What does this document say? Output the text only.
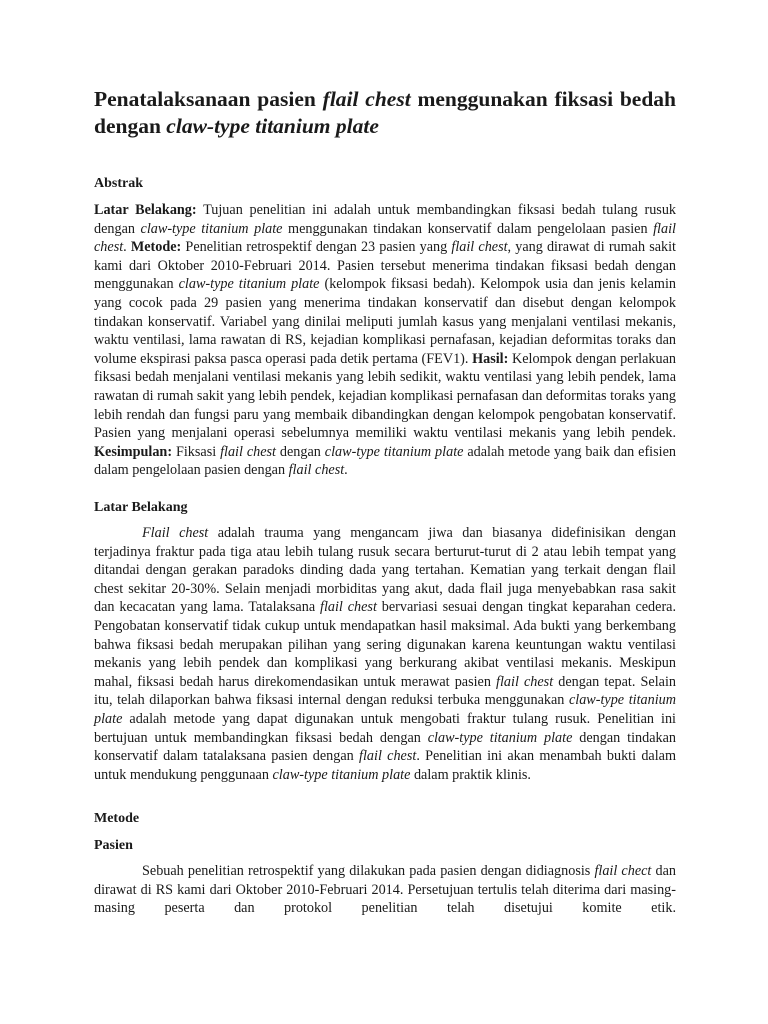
Penatalaksanaan pasien flail chest menggunakan fiksasi bedah dengan claw-type titanium plate
Abstrak

Latar Belakang: Tujuan penelitian ini adalah untuk membandingkan fiksasi bedah tulang rusuk dengan claw-type titanium plate menggunakan tindakan konservatif dalam pengelolaan pasien flail chest. Metode: Penelitian retrospektif dengan 23 pasien yang flail chest, yang dirawat di rumah sakit kami dari Oktober 2010-Februari 2014. Pasien tersebut menerima tindakan fiksasi bedah dengan menggunakan claw-type titanium plate (kelompok fiksasi bedah). Kelompok usia dan jenis kelamin yang cocok pada 29 pasien yang menerima tindakan konservatif dan disebut dengan kelompok tindakan konservatif. Variabel yang dinilai meliputi jumlah kasus yang menjalani ventilasi mekanis, waktu ventilasi, lama rawatan di RS, kejadian komplikasi pernafasan, kejadian deformitas toraks dan volume ekspirasi paksa pasca operasi pada detik pertama (FEV1). Hasil: Kelompok dengan perlakuan fiksasi bedah menjalani ventilasi mekanis yang lebih sedikit, waktu ventilasi yang lebih pendek, lama rawatan di rumah sakit yang lebih pendek, kejadian komplikasi pernafasan dan deformitas toraks yang lebih rendah dan fungsi paru yang membaik dibandingkan dengan kelompok pengobatan konservatif. Pasien yang menjalani operasi sebelumnya memiliki waktu ventilasi mekanis yang lebih pendek. Kesimpulan: Fiksasi flail chest dengan claw-type titanium plate adalah metode yang baik dan efisien dalam pengelolaan pasien dengan flail chest.

Latar Belakang

Flail chest adalah trauma yang mengancam jiwa dan biasanya didefinisikan dengan terjadinya fraktur pada tiga atau lebih tulang rusuk secara berturut-turut di 2 atau lebih tempat yang ditandai dengan gerakan paradoks dinding dada yang tertahan. Kematian yang terkait dengan flail chest sekitar 20-30%. Selain menjadi morbiditas yang akut, dada flail juga menyebabkan rasa sakit dan kecacatan yang lama. Tatalaksana flail chest bervariasi sesuai dengan tingkat keparahan cedera. Pengobatan konservatif tidak cukup untuk mendapatkan hasil maksimal. Ada bukti yang berkembang bahwa fiksasi bedah merupakan pilihan yang sering digunakan karena keuntungan waktu ventilasi mekanis yang lebih pendek dan komplikasi yang berkurang akibat ventilasi mekanis. Meskipun mahal, fiksasi bedah harus direkomendasikan untuk merawat pasien flail chest dengan tepat. Selain itu, telah dilaporkan bahwa fiksasi internal dengan reduksi terbuka menggunakan claw-type titanium plate adalah metode yang dapat digunakan untuk mengobati fraktur tulang rusuk. Penelitian ini bertujuan untuk membandingkan fiksasi bedah dengan claw-type titanium plate dengan tindakan konservatif dalam tatalaksana pasien dengan flail chest. Penelitian ini akan menambah bukti dalam untuk mendukung penggunaan claw-type titanium plate dalam praktik klinis.

Metode
Pasien

Sebuah penelitian retrospektif yang dilakukan pada pasien dengan didiagnosis flail chect dan dirawat di RS kami dari Oktober 2010-Februari 2014. Persetujuan tertulis telah diterima dari masing-masing peserta dan protokol penelitian telah disetujui komite etik.
